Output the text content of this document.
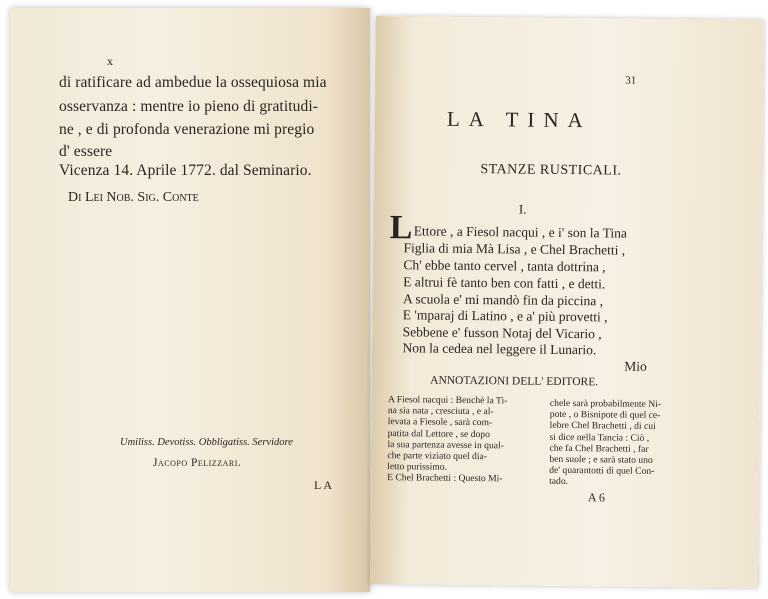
x
di ratificare ad ambedue la ossequiosa mia
osservanza : mentre io pieno di gratitudi-
ne , e di profonda venerazione mi pregio
d' essere
Vicenza 14. Aprile 1772. dal Seminario.
Di Lei Nob. Sig. Conte
Umiliss. Devotiss. Obbligatiss. Servidore
Jacopo Pelizzari.
LA
31
LA TINA
STANZE RUSTICALI.
I.
L Ettore , a Fiesol nacqui , e i' son la Tina
Figlia di mia Mà Lisa , e Chel Brachetti ,
Ch' ebbe tanto cervel , tanta dottrina ,
E altrui fè tanto ben con fatti , e detti.
A scuola e' mi mandò fin da piccina ,
E 'mparaj di Latino , e a' più provetti ,
Sebbene e' fusson Notaj del Vicario ,
Non la cedea nel leggere il Lunario.
Mio
ANNOTAZIONI DELL' EDITORE.
A Fiesol nacqui : Benchè la Ti-
na sia nata , cresciuta , e al-
levata a Fiesole , sarà com-
patita dal Lettore , se dopo
la sua partenza avesse in qual-
che parte viziato quel dia-
letto purissimo.
E Chel Brachetti : Questo Mi-
chele sarà probabilmente Ni-
pote , o Bisnipote di quel ce-
lebre Chel Brachetti , di cui
si dice nella Tancia : Ciò ,
che fa Chel Brachetti , far
ben suole ; e sarà stato uno
de' quarantotti di quel Con-
tado.
A 6
